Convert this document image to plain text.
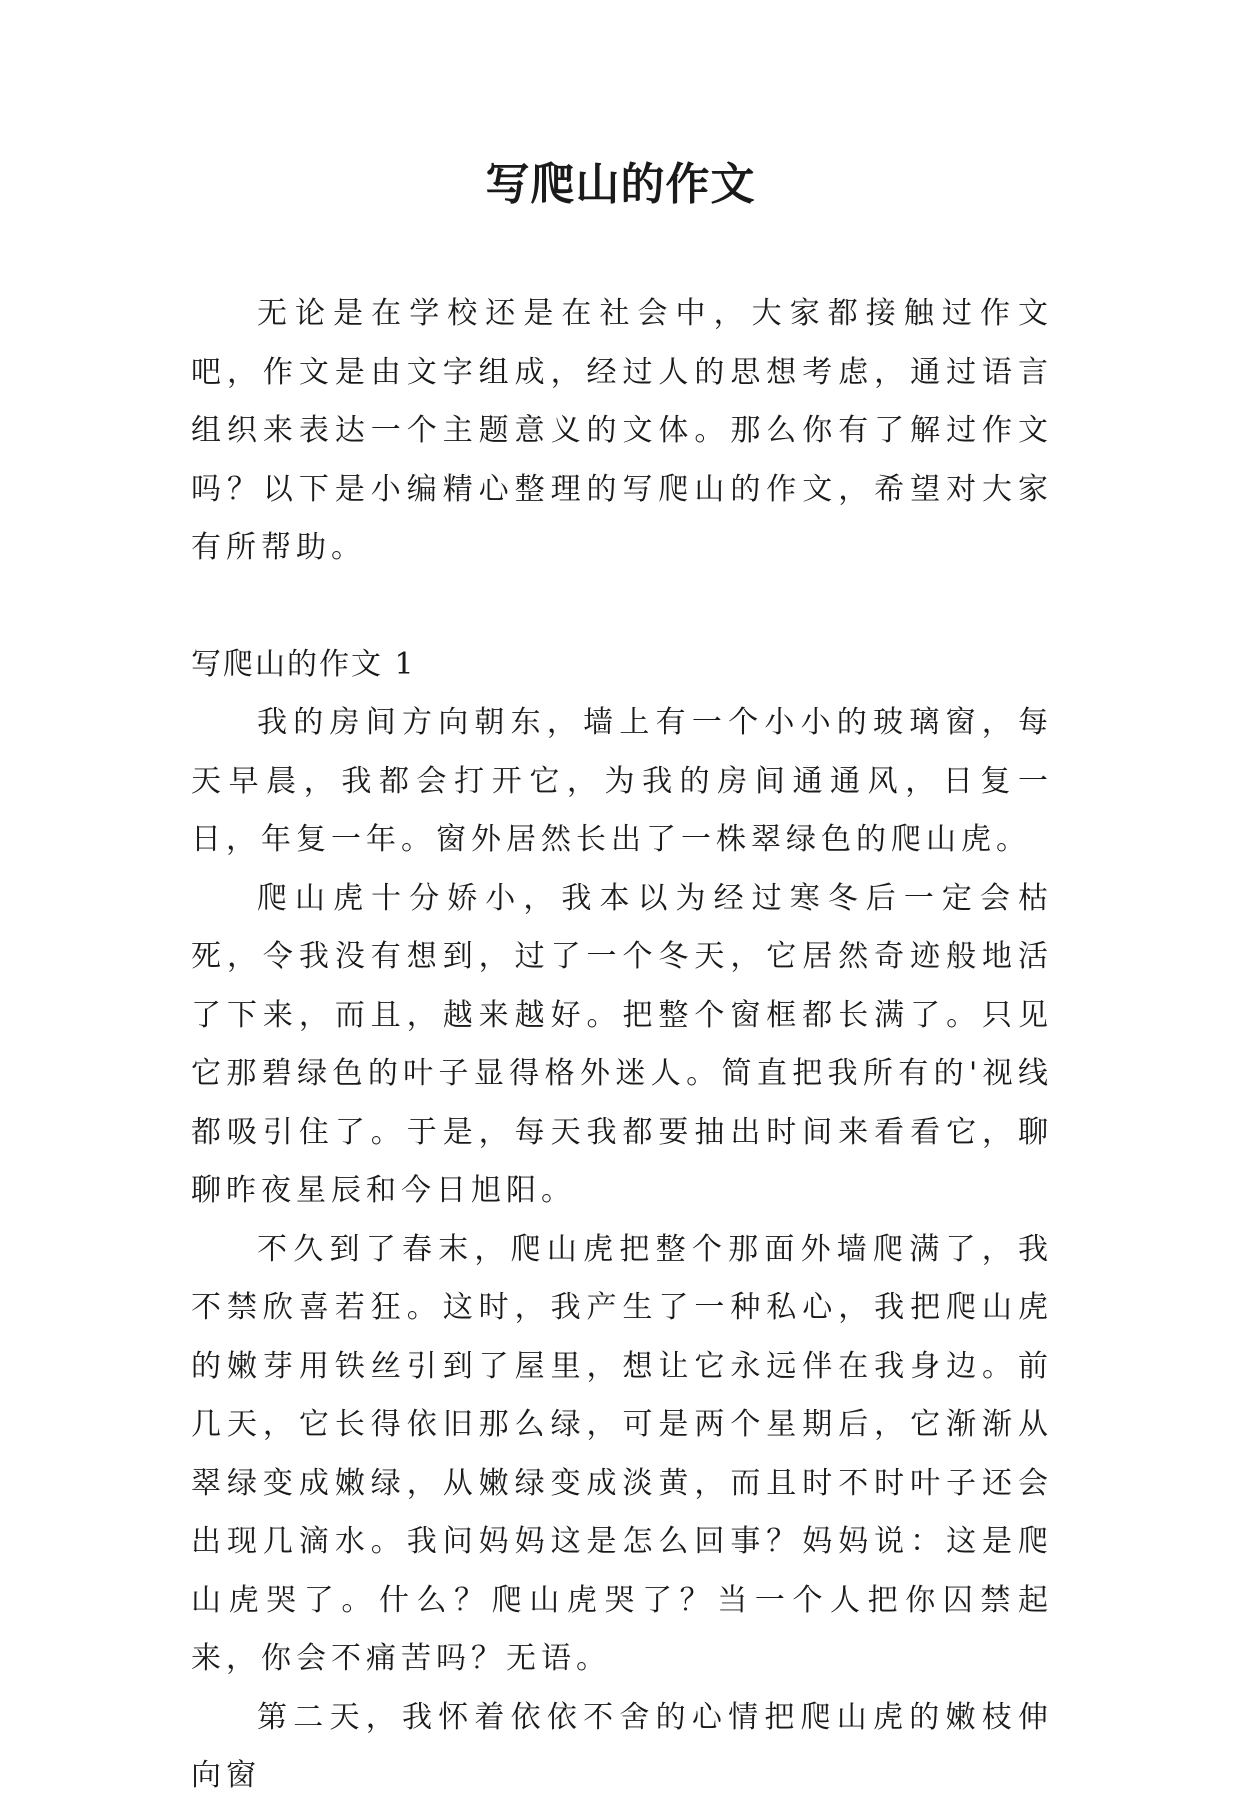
写爬山的作文

无论是在学校还是在社会中，大家都接触过作文吧，作文是由文字组成，经过人的思想考虑，通过语言组织来表达一个主题意义的文体。那么你有了解过作文吗？以下是小编精心整理的写爬山的作文，希望对大家有所帮助。

写爬山的作文 1

我的房间方向朝东，墙上有一个小小的玻璃窗，每天早晨，我都会打开它，为我的房间通通风，日复一日，年复一年。窗外居然长出了一株翠绿色的爬山虎。

爬山虎十分娇小，我本以为经过寒冬后一定会枯死，令我没有想到，过了一个冬天，它居然奇迹般地活了下来，而且，越来越好。把整个窗框都长满了。只见它那碧绿色的叶子显得格外迷人。简直把我所有的'视线都吸引住了。于是，每天我都要抽出时间来看看它，聊聊昨夜星辰和今日旭阳。

不久到了春末，爬山虎把整个那面外墙爬满了，我不禁欣喜若狂。这时，我产生了一种私心，我把爬山虎的嫩芽用铁丝引到了屋里，想让它永远伴在我身边。前几天，它长得依旧那么绿，可是两个星期后，它渐渐从翠绿变成嫩绿，从嫩绿变成淡黄，而且时不时叶子还会出现几滴水。我问妈妈这是怎么回事？妈妈说：这是爬山虎哭了。什么？爬山虎哭了？当一个人把你囚禁起来，你会不痛苦吗？无语。

第二天，我怀着依依不舍的心情把爬山虎的嫩枝伸向窗
